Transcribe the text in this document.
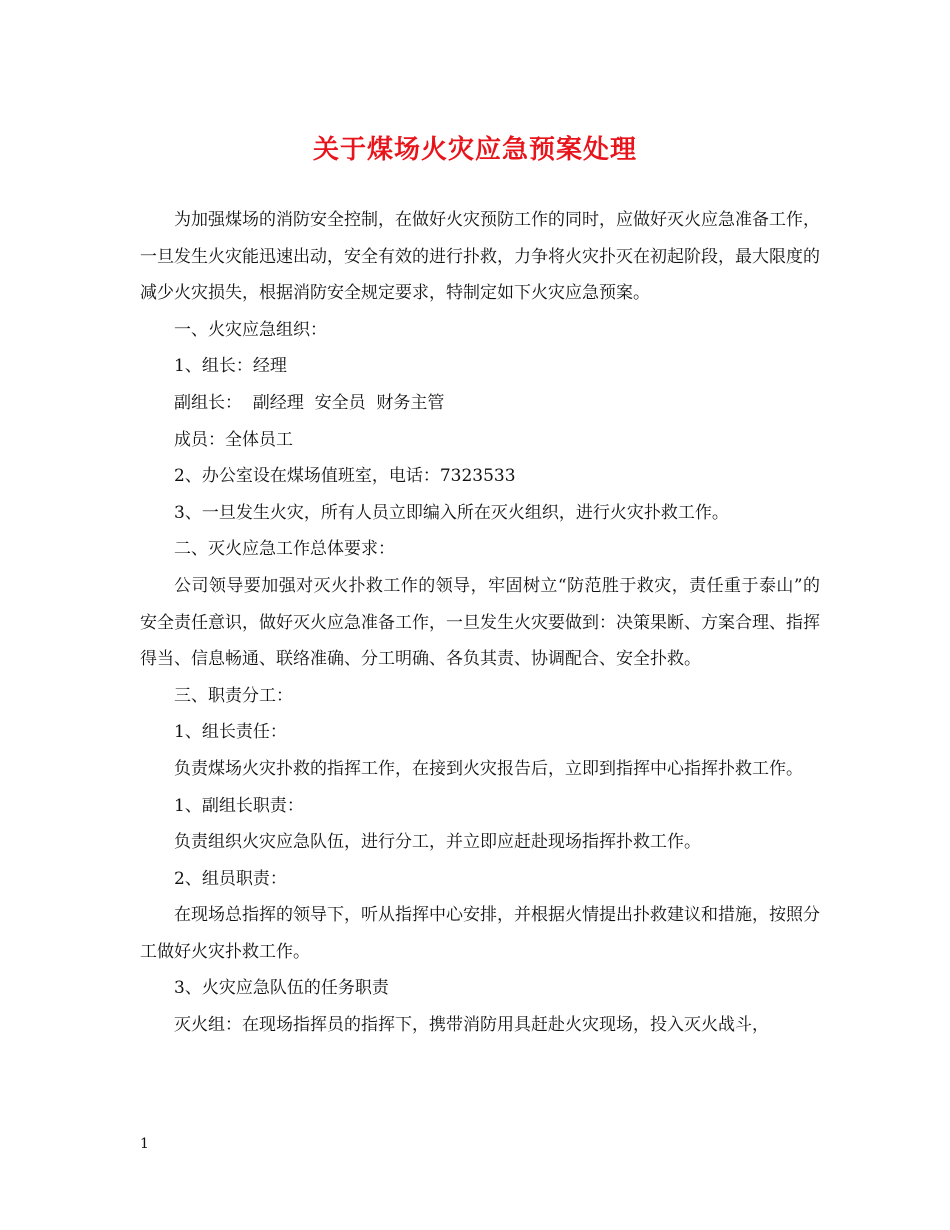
关于煤场火灾应急预案处理

为加强煤场的消防安全控制，在做好火灾预防工作的同时，应做好灭火应急准备工作，一旦发生火灾能迅速出动，安全有效的进行扑救，力争将火灾扑灭在初起阶段，最大限度的减少火灾损失，根据消防安全规定要求，特制定如下火灾应急预案。

一、火灾应急组织：

1、组长：经理

副组长：  副经理  安全员  财务主管

成员：全体员工

2、办公室设在煤场值班室，电话：7323533

3、一旦发生火灾，所有人员立即编入所在灭火组织，进行火灾扑救工作。

二、灭火应急工作总体要求：

公司领导要加强对灭火扑救工作的领导，牢固树立“防范胜于救灾，责任重于泰山”的安全责任意识，做好灭火应急准备工作，一旦发生火灾要做到：决策果断、方案合理、指挥得当、信息畅通、联络准确、分工明确、各负其责、协调配合、安全扑救。

三、职责分工：

1、组长责任：

负责煤场火灾扑救的指挥工作，在接到火灾报告后，立即到指挥中心指挥扑救工作。

1、副组长职责：

负责组织火灾应急队伍，进行分工，并立即应赶赴现场指挥扑救工作。

2、组员职责：

在现场总指挥的领导下，听从指挥中心安排，并根据火情提出扑救建议和措施，按照分工做好火灾扑救工作。

3、火灾应急队伍的任务职责

灭火组：在现场指挥员的指挥下，携带消防用具赶赴火灾现场，投入灭火战斗，

1
